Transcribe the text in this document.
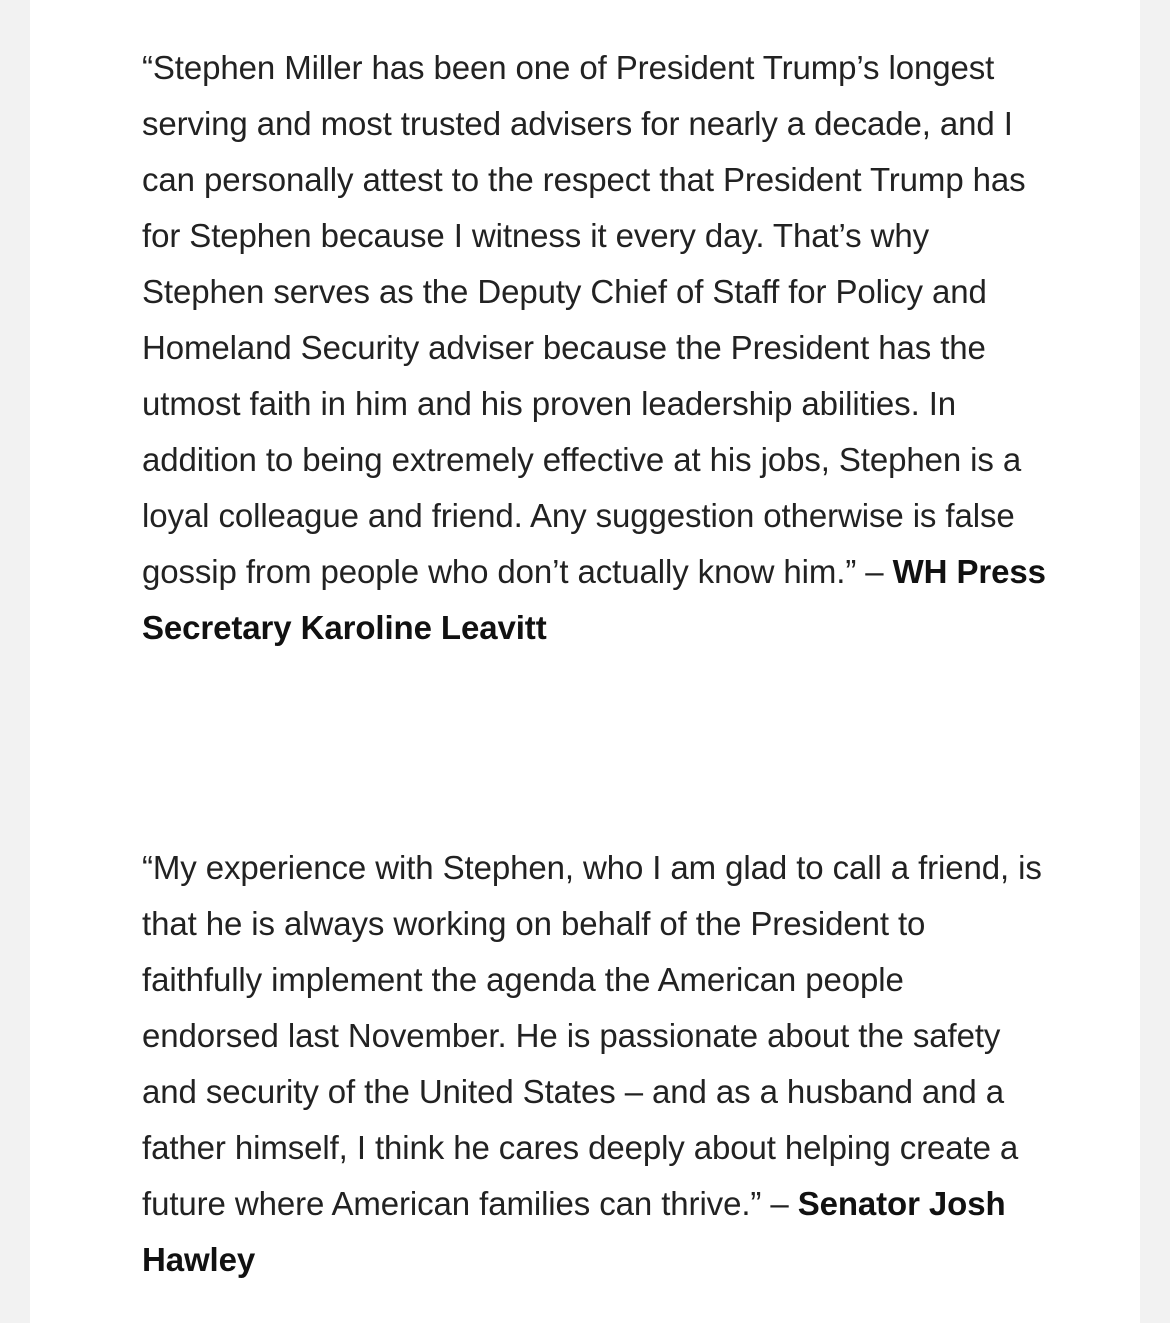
“Stephen Miller has been one of President Trump’s longest serving and most trusted advisers for nearly a decade, and I can personally attest to the respect that President Trump has for Stephen because I witness it every day. That’s why Stephen serves as the Deputy Chief of Staff for Policy and Homeland Security adviser because the President has the utmost faith in him and his proven leadership abilities. In addition to being extremely effective at his jobs, Stephen is a loyal colleague and friend. Any suggestion otherwise is false gossip from people who don’t actually know him.” – WH Press Secretary Karoline Leavitt

“My experience with Stephen, who I am glad to call a friend, is that he is always working on behalf of the President to faithfully implement the agenda the American people endorsed last November. He is passionate about the safety and security of the United States – and as a husband and a father himself, I think he cares deeply about helping create a future where American families can thrive.” – Senator Josh Hawley
